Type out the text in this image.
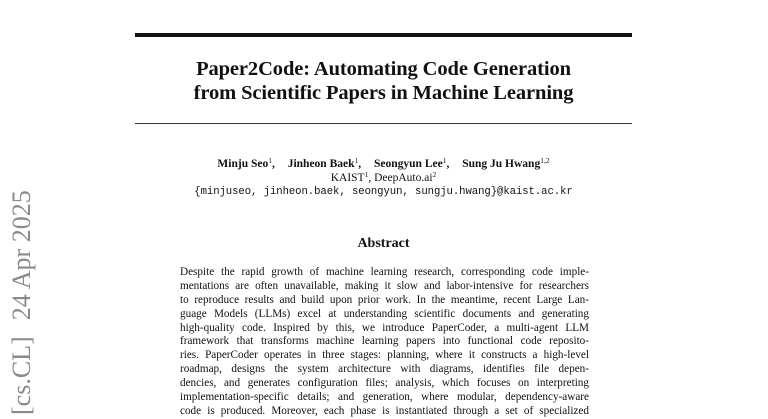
[cs.CL]24 Apr 2025
Paper2Code: Automating Code Generation
from Scientific Papers in Machine Learning
Minju Seo$^1$, Jinheon Baek$^1$, Seongyun Lee$^1$, Sung Ju Hwang$^{1,2}$
KAIST$^1$, $DeepAuto.ai^2$
{minjuseo, jinheon.baek, seongyun, sungju.hwang}@kaist.ac.kr
Abstract
Despite the rapid growth of machine learning research, corresponding code imple-
mentations are often unavailable, making it slow and labor-intensive for researchers
to reproduce results and build upon prior work. In the meantime, recent Large Lan-
guage Models (LLMs) excel at understanding scientific documents and generating
high-quality code. Inspired by this, we introduce PaperCoder, a multi-agent LLM
framework that transforms machine learning papers into functional code reposito-
ries. PaperCoder operates in three stages: planning, where it constructs a high-level
roadmap, designs the system architecture with diagrams, identifies file depen-
dencies, and generates configuration files; analysis, which focuses on interpreting
implementation-specific details; and generation, where modular, dependency-aware
code is produced. Moreover, each phase is instantiated through a set of specialized
